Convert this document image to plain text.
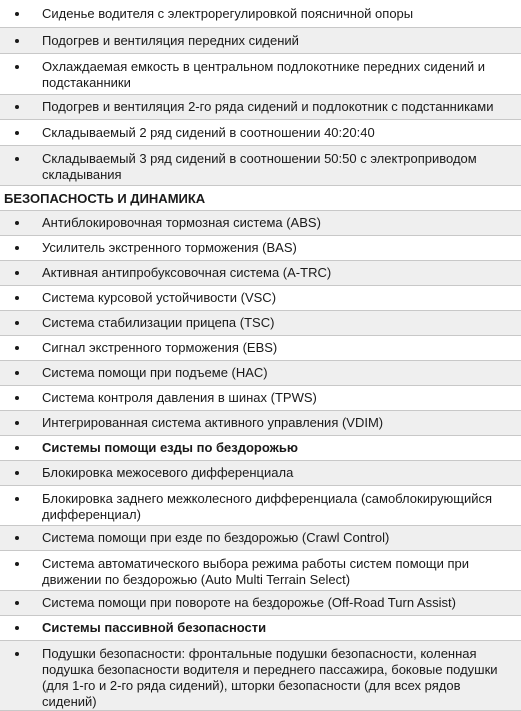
Сиденье водителя с электрорегулировкой поясничной опоры
Подогрев и вентиляция передних сидений
Охлаждаемая емкость в центральном подлокотнике передних сидений и подстаканники
Подогрев и вентиляция 2-го ряда сидений и подлокотник с подстанниками
Складываемый 2 ряд сидений в соотношении 40:20:40
Складываемый 3 ряд сидений в соотношении 50:50 с электроприводом складывания
БЕЗОПАСНОСТЬ И ДИНАМИКА
Антиблокировочная тормозная система (ABS)
Усилитель экстренного торможения (BAS)
Активная антипробуксовочная система (A-TRC)
Система курсовой устойчивости (VSC)
Система стабилизации прицепа (TSC)
Сигнал экстренного торможения (EBS)
Система помощи при подъеме (HAC)
Система контроля давления в шинах (TPWS)
Интегрированная система активного управления (VDIM)
Системы помощи езды по бездорожью
Блокировка межосевого дифференциала
Блокировка заднего межколесного дифференциала (самоблокирующийся дифференциал)
Система помощи при езде по бездорожью (Crawl Control)
Система автоматического выбора режима работы систем помощи при движении по бездорожью (Auto Multi Terrain Select)
Система помощи при повороте на бездорожье (Off-Road Turn Assist)
Системы пассивной безопасности
Подушки безопасности: фронтальные подушки безопасности, коленная подушка безопасности водителя и переднего пассажира, боковые подушки (для 1-го и 2-го ряда сидений), шторки безопасности (для всех рядов сидений)
